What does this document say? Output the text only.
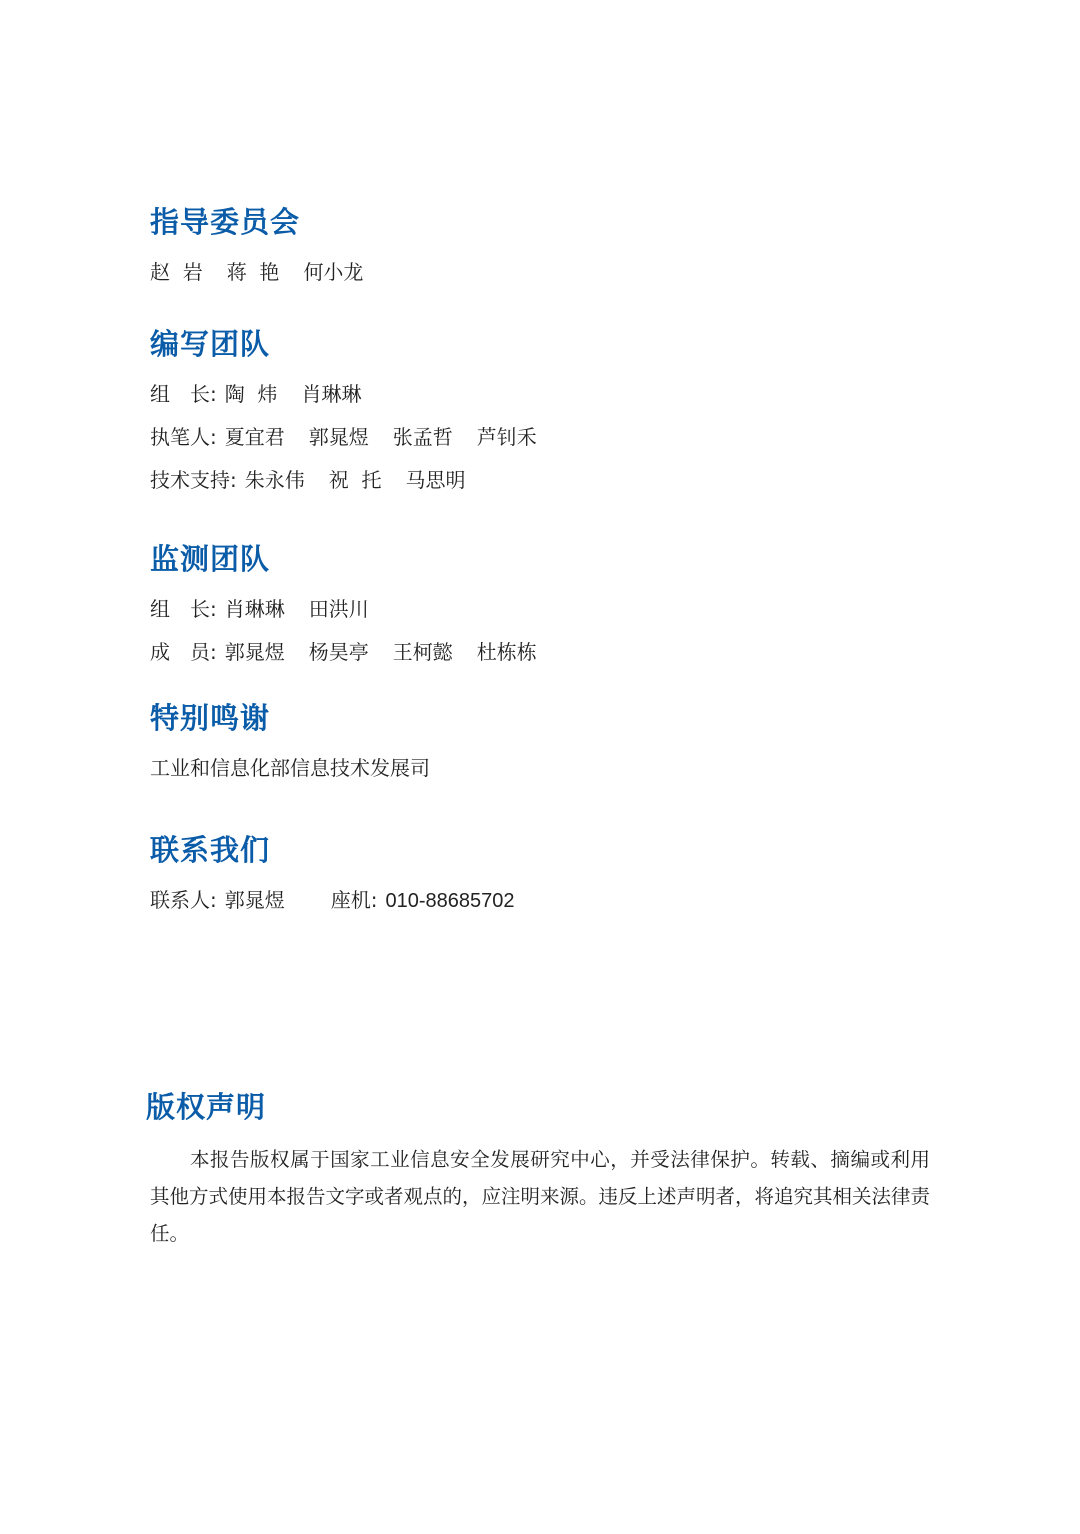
指导委员会

赵  岩 蒋  艳 何小龙

编写团队

组　长: 陶  炜 肖琳琳

执笔人: 夏宜君 郭晁煜 张孟哲 芦钊禾

技术支持: 朱永伟 祝  托 马思明

监测团队

组　长: 肖琳琳 田洪川

成　员: 郭晁煜 杨昊亭 王柯懿 杜栋栋

特别鸣谢

工业和信息化部信息技术发展司

联系我们

联系人: 郭晁煜 座机: 010-88685702

版权声明

本报告版权属于国家工业信息安全发展研究中心，并受法律保护。转载、摘编或利用其他方式使用本报告文字或者观点的，应注明来源。违反上述声明者，将追究其相关法律责任。
